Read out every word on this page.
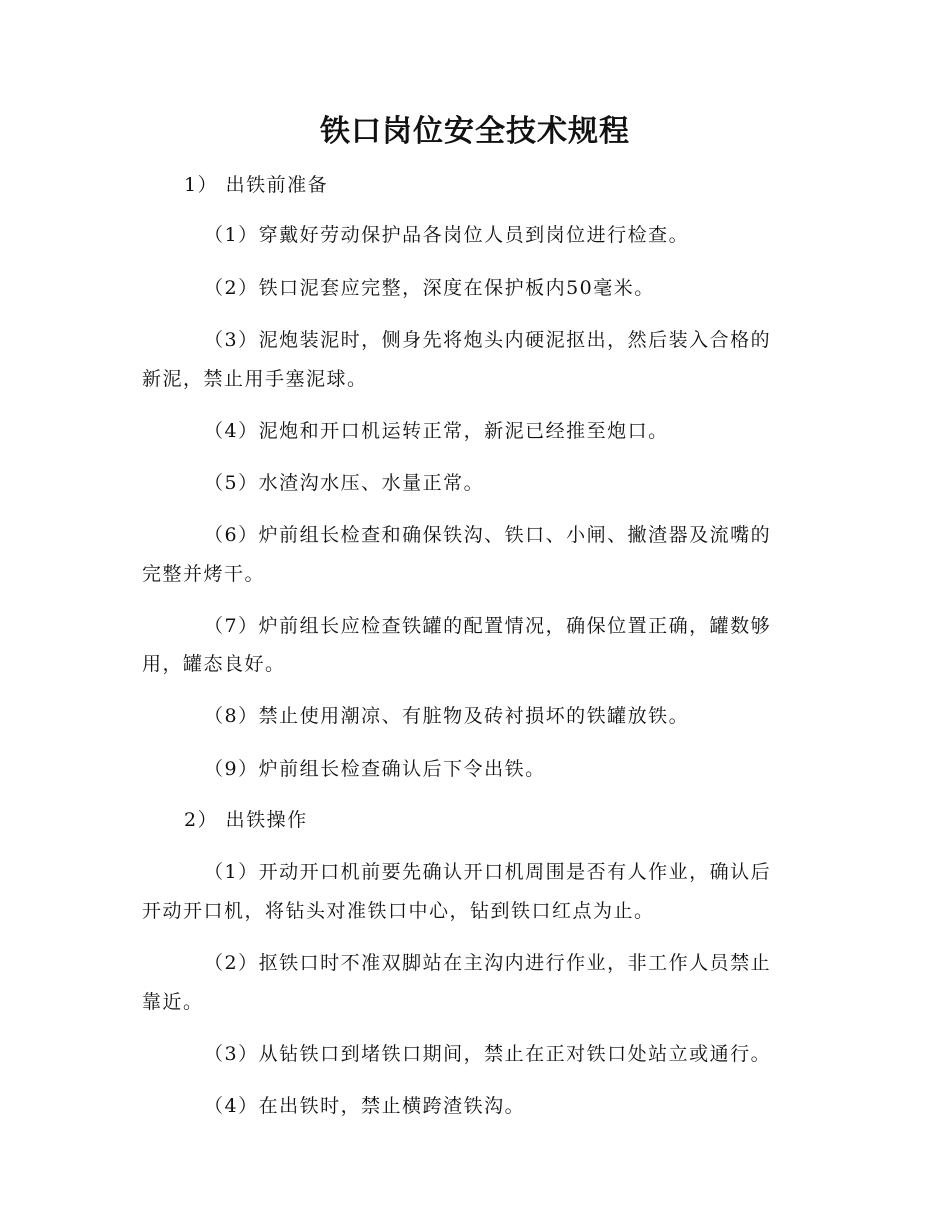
铁口岗位安全技术规程
1） 出铁前准备
（1）穿戴好劳动保护品各岗位人员到岗位进行检查。
（2）铁口泥套应完整，深度在保护板内50毫米。
（3）泥炮装泥时，侧身先将炮头内硬泥抠出，然后装入合格的
新泥，禁止用手塞泥球。
（4）泥炮和开口机运转正常，新泥已经推至炮口。
（5）水渣沟水压、水量正常。
（6）炉前组长检查和确保铁沟、铁口、小闸、撇渣器及流嘴的
完整并烤干。
（7）炉前组长应检查铁罐的配置情况，确保位置正确，罐数够
用，罐态良好。
（8）禁止使用潮凉、有脏物及砖衬损坏的铁罐放铁。
（9）炉前组长检查确认后下令出铁。
2） 出铁操作
（1）开动开口机前要先确认开口机周围是否有人作业，确认后
开动开口机，将钻头对准铁口中心，钻到铁口红点为止。
（2）抠铁口时不准双脚站在主沟内进行作业，非工作人员禁止
靠近。
（3）从钻铁口到堵铁口期间，禁止在正对铁口处站立或通行。
（4）在出铁时，禁止横跨渣铁沟。
